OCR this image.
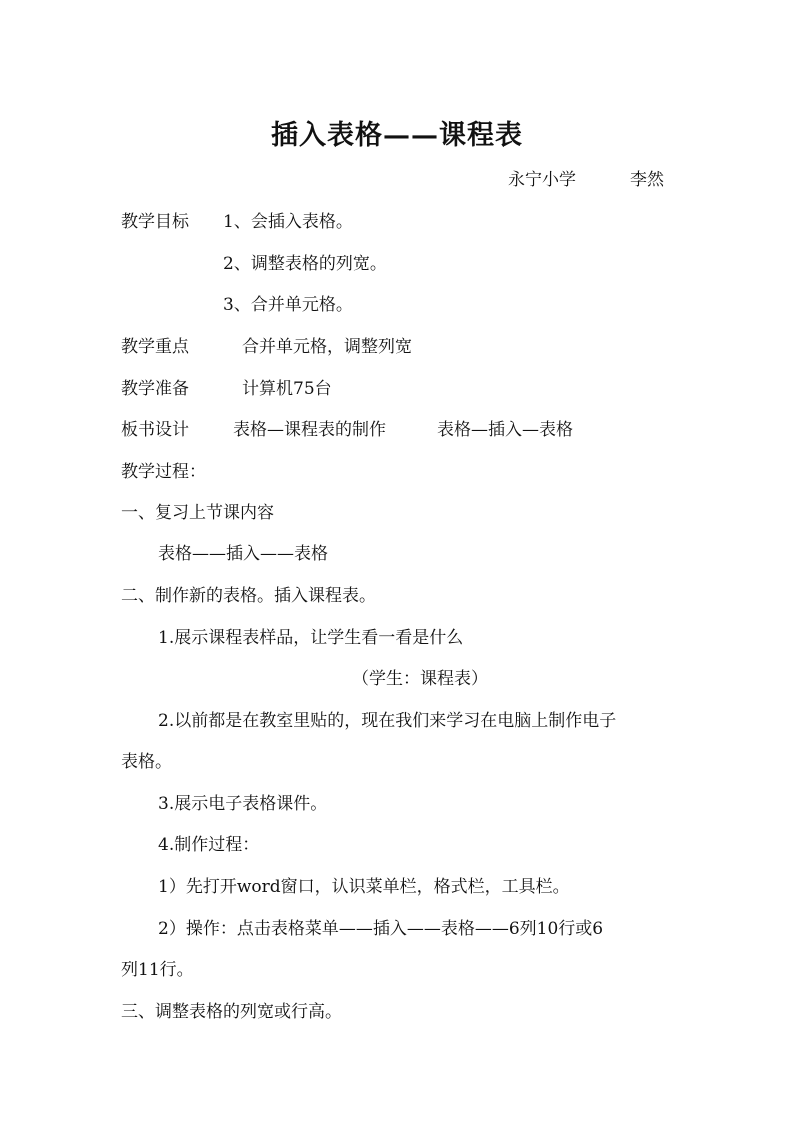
插入表格——课程表
永宁小学	李然
教学目标 1、会插入表格。
2、调整表格的列宽。
3、合并单元格。
教学重点	合并单元格，调整列宽
教学准备	计算机75台
板书设计	表格—课程表的制作	表格—插入—表格
教学过程：
一、复习上节课内容
表格——插入——表格
二、制作新的表格。插入课程表。
1.展示课程表样品，让学生看一看是什么
（学生：课程表）
2.以前都是在教室里贴的，现在我们来学习在电脑上制作电子
表格。
3.展示电子表格课件。
4.制作过程：
1）先打开word窗口，认识菜单栏，格式栏，工具栏。
2）操作：点击表格菜单——插入——表格——6列10行或6
列11行。
三、调整表格的列宽或行高。
